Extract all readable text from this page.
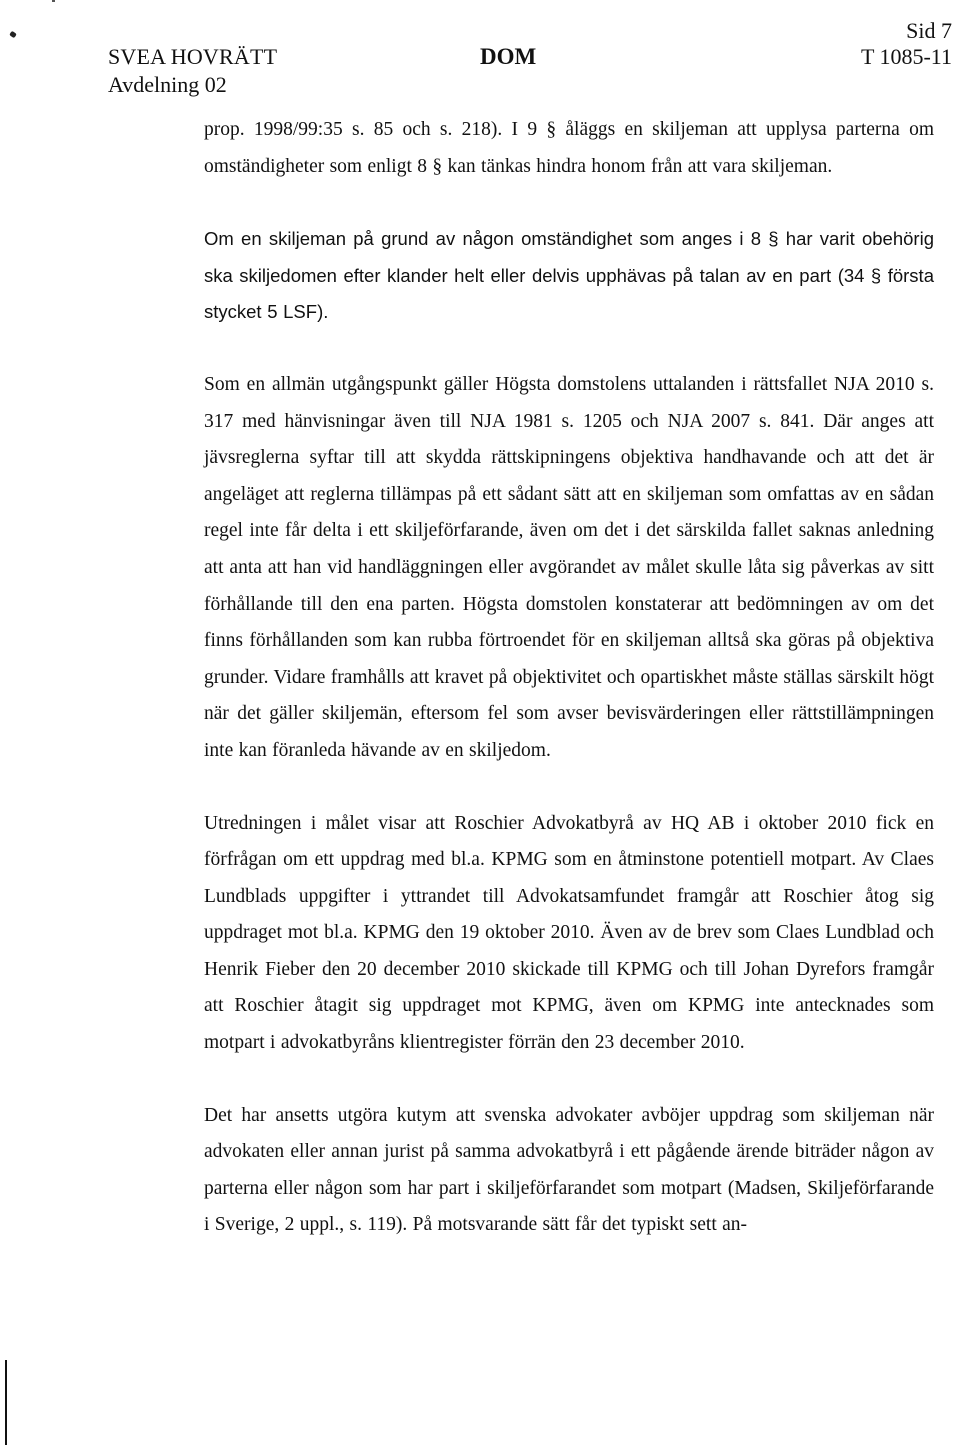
SVEA HOVRÄTT
Avdelning 02
DOM
Sid 7
T 1085-11

prop. 1998/99:35 s. 85 och s. 218). I 9 § åläggs en skiljeman att upplysa parterna om omständigheter som enligt 8 § kan tänkas hindra honom från att vara skiljeman.

Om en skiljeman på grund av någon omständighet som anges i 8 § har varit obehörig ska skiljedomen efter klander helt eller delvis upphävas på talan av en part (34 § första stycket 5 LSF).

Som en allmän utgångspunkt gäller Högsta domstolens uttalanden i rättsfallet NJA 2010 s. 317 med hänvisningar även till NJA 1981 s. 1205 och NJA 2007 s. 841. Där anges att jävsreglerna syftar till att skydda rättskipningens objektiva handhavande och att det är angeläget att reglerna tillämpas på ett sådant sätt att en skiljeman som omfattas av en sådan regel inte får delta i ett skiljeförfarande, även om det i det särskilda fallet saknas anledning att anta att han vid handläggningen eller avgörandet av målet skulle låta sig påverkas av sitt förhållande till den ena parten. Högsta domstolen konstaterar att bedömningen av om det finns förhållanden som kan rubba förtroendet för en skiljeman alltså ska göras på objektiva grunder. Vidare framhålls att kravet på objektivitet och opartiskhet måste ställas särskilt högt när det gäller skiljemän, eftersom fel som avser bevisvärderingen eller rättstillämpningen inte kan föranleda hävande av en skiljedom.

Utredningen i målet visar att Roschier Advokatbyrå av HQ AB i oktober 2010 fick en förfrågan om ett uppdrag med bl.a. KPMG som en åtminstone potentiell motpart. Av Claes Lundblads uppgifter i yttrandet till Advokatsamfundet framgår att Roschier åtog sig uppdraget mot bl.a. KPMG den 19 oktober 2010. Även av de brev som Claes Lundblad och Henrik Fieber den 20 december 2010 skickade till KPMG och till Johan Dyrefors framgår att Roschier åtagit sig uppdraget mot KPMG, även om KPMG inte antecknades som motpart i advokatbyråns klientregister förrän den 23 december 2010.

Det har ansetts utgöra kutym att svenska advokater avböjer uppdrag som skiljeman när advokaten eller annan jurist på samma advokatbyrå i ett pågående ärende biträder någon av parterna eller någon som har part i skiljeförfarandet som motpart (Madsen, Skiljeförfarande i Sverige, 2 uppl., s. 119). På motsvarande sätt får det typiskt sett an-
